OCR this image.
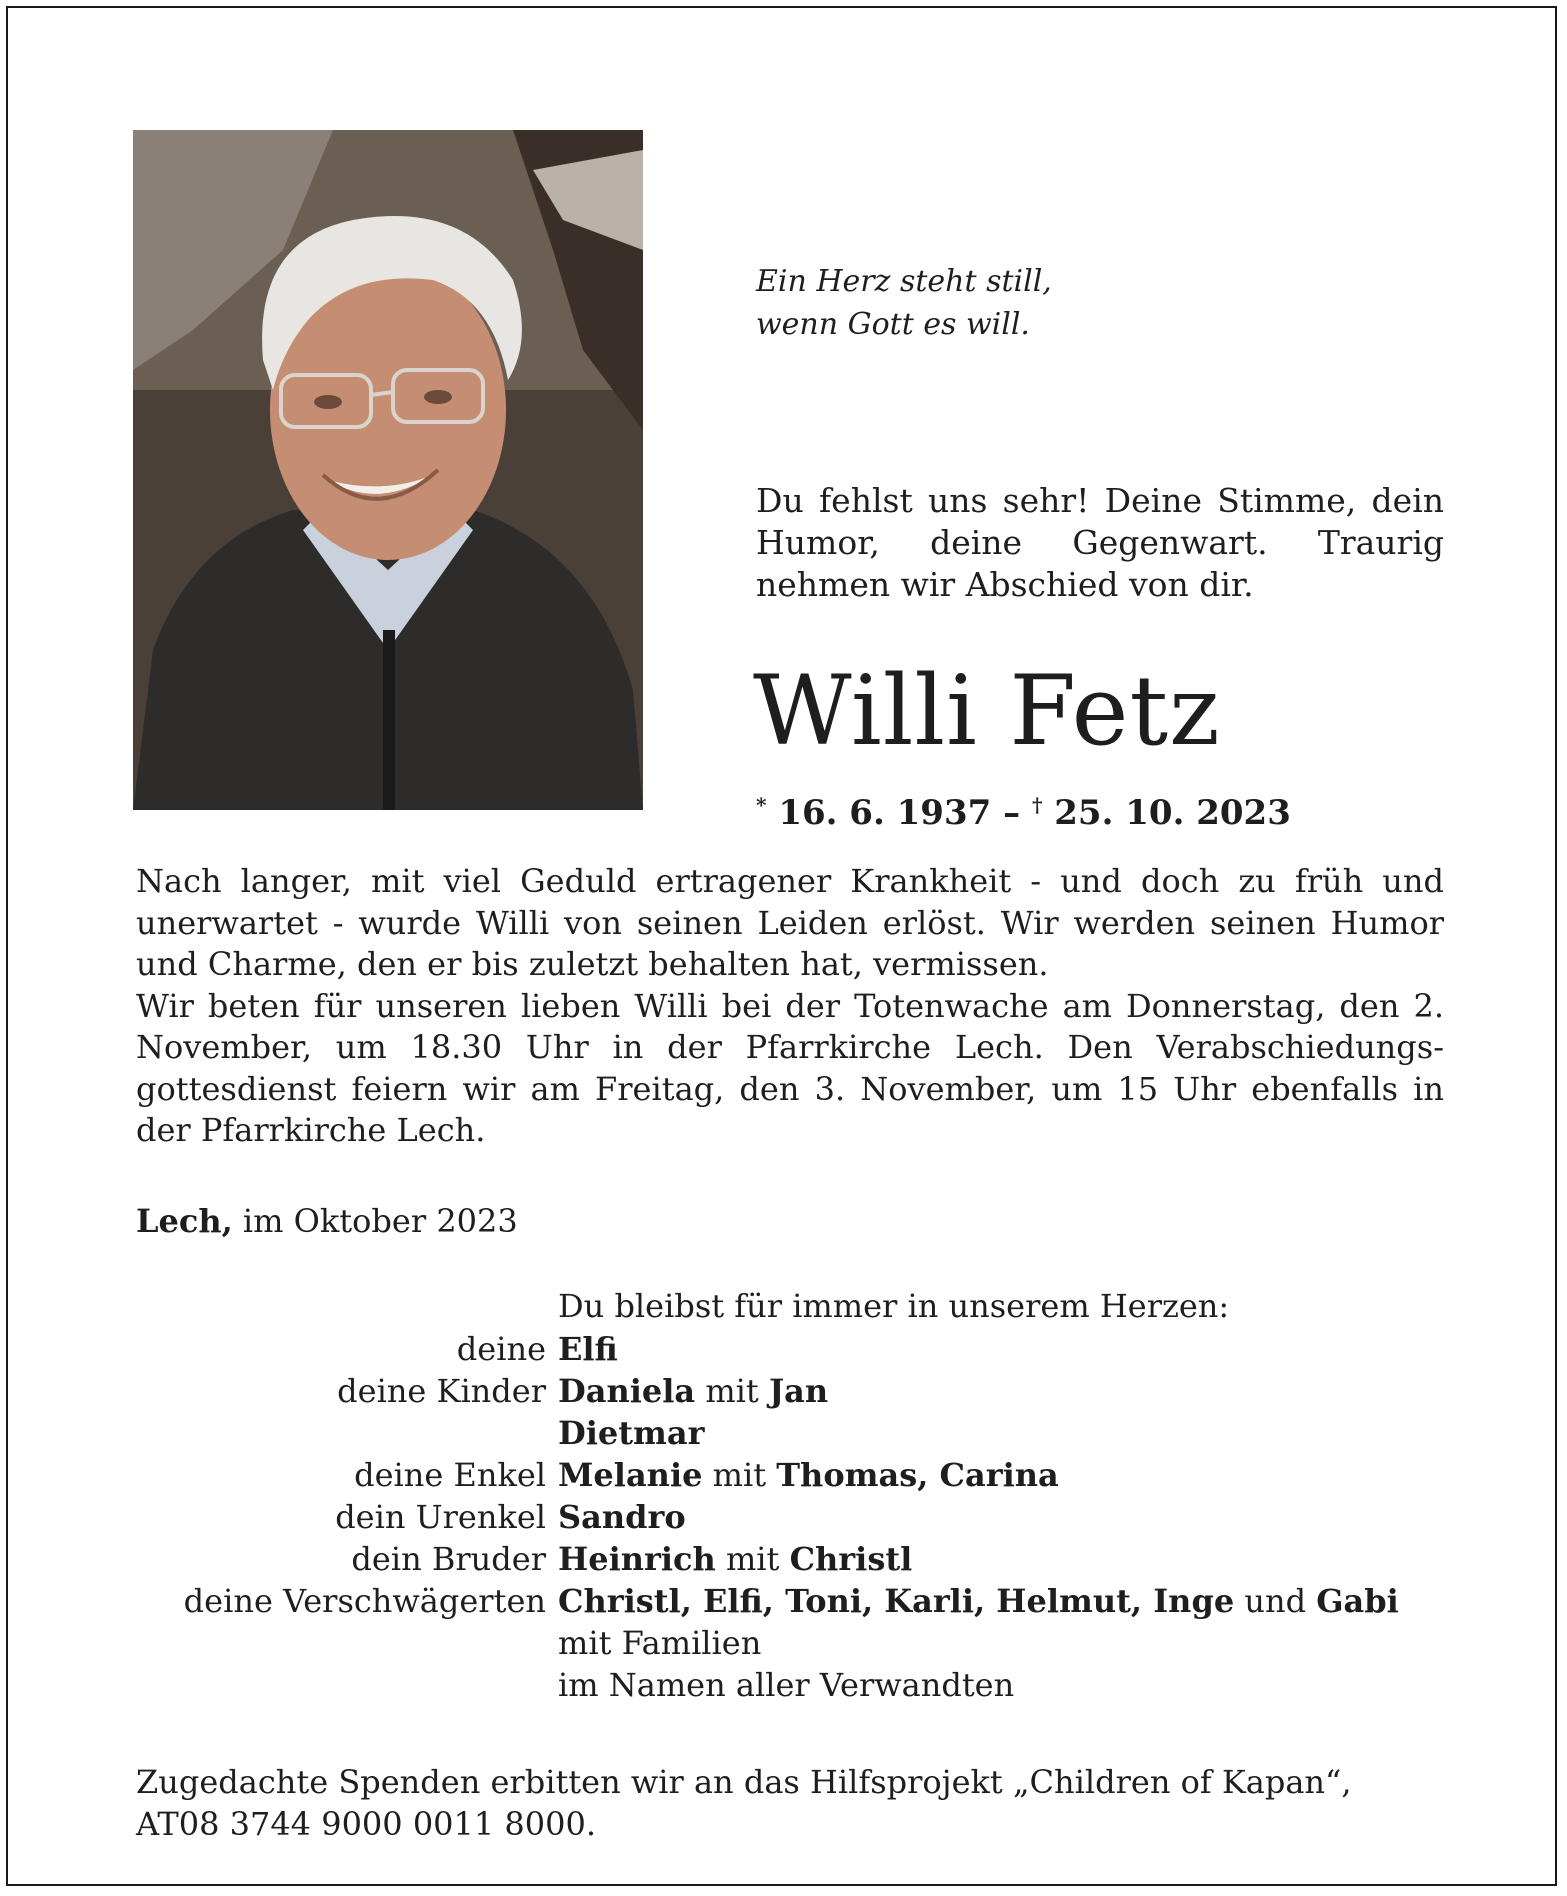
Ein Herz steht still,
wenn Gott es will.
Du fehlst uns sehr! Deine Stimme, dein Humor, deine Gegenwart. Traurig nehmen wir Abschied von dir.
Willi Fetz
* 16. 6. 1937 – † 25. 10. 2023

Nach langer, mit viel Geduld ertragener Krankheit - und doch zu früh und unerwartet - wurde Willi von seinen Leiden erlöst. Wir werden seinen Humor und Charme, den er bis zuletzt behalten hat, vermissen.

Wir beten für unseren lieben Willi bei der Totenwache am Donnerstag, den 2. November, um 18.30 Uhr in der Pfarrkirche Lech. Den Verabschiedungs-gottesdienst feiern wir am Freitag, den 3. November, um 15 Uhr ebenfalls in der Pfarrkirche Lech.

Lech, im Oktober 2023
Du bleibst für immer in unserem Herzen:
deine Elfi
deine Kinder Daniela mit Jan
Dietmar
deine Enkel Melanie mit Thomas, Carina
dein Urenkel Sandro
dein Bruder Heinrich mit Christl
deine Verschwägerten Christl, Elfi, Toni, Karli, Helmut, Inge und Gabi
mit Familien
im Namen aller Verwandten
Zugedachte Spenden erbitten wir an das Hilfsprojekt „Children of Kapan“,
AT08 3744 9000 0011 8000.
